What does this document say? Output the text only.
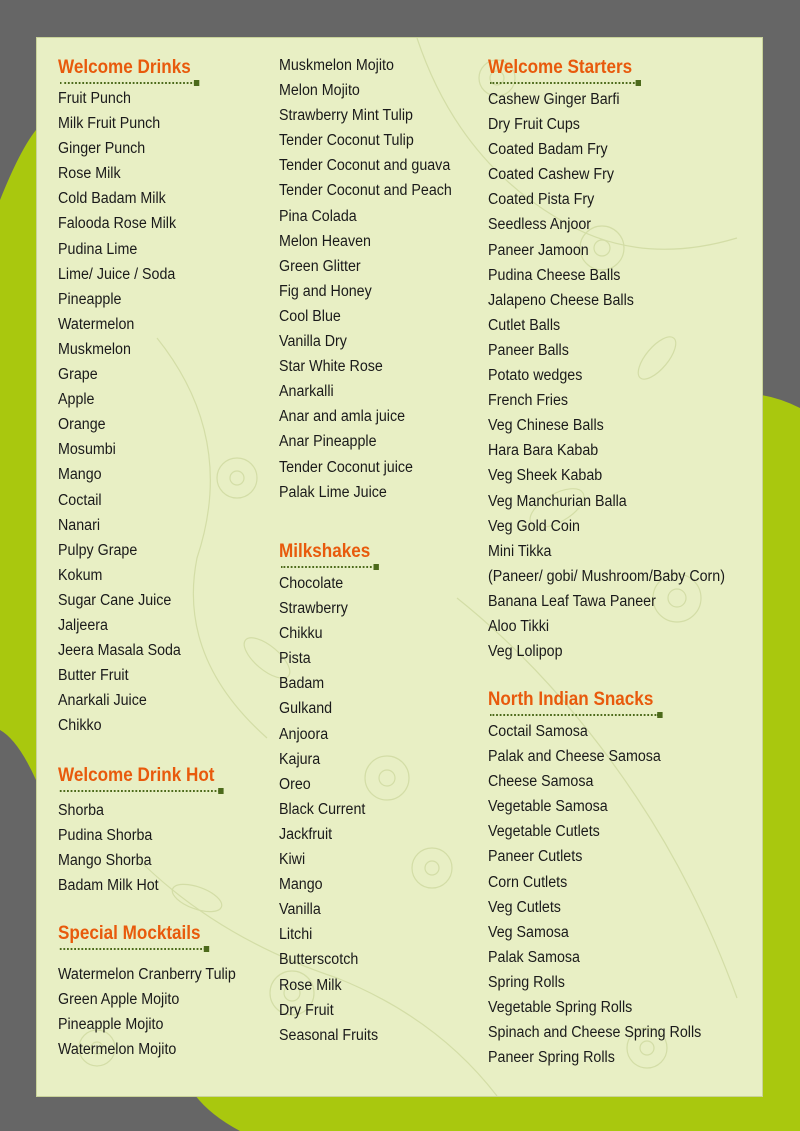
Welcome Drinks
Fruit Punch
Milk Fruit Punch
Ginger Punch
Rose Milk
Cold Badam Milk
Falooda Rose Milk
Pudina Lime
Lime/ Juice / Soda
Pineapple
Watermelon
Muskmelon
Grape
Apple
Orange
Mosumbi
Mango
Coctail
Nanari
Pulpy Grape
Kokum
Sugar Cane Juice
Jaljeera
Jeera Masala Soda
Butter Fruit
Anarkali Juice
Chikko
Welcome Drink Hot
Shorba
Pudina Shorba
Mango Shorba
Badam Milk Hot
Special Mocktails
Watermelon Cranberry Tulip
Green Apple Mojito
Pineapple Mojito
Watermelon Mojito
Muskmelon Mojito
Melon Mojito
Strawberry Mint Tulip
Tender Coconut Tulip
Tender Coconut and guava
Tender Coconut and Peach
Pina Colada
Melon Heaven
Green Glitter
Fig and Honey
Cool Blue
Vanilla Dry
Star White Rose
Anarkalli
Anar and amla juice
Anar Pineapple
Tender Coconut juice
Palak Lime Juice
Milkshakes
Chocolate
Strawberry
Chikku
Pista
Badam
Gulkand
Anjoora
Kajura
Oreo
Black Current
Jackfruit
Kiwi
Mango
Vanilla
Litchi
Butterscotch
Rose Milk
Dry Fruit
Seasonal Fruits
Welcome Starters
Cashew Ginger Barfi
Dry Fruit Cups
Coated Badam Fry
Coated Cashew Fry
Coated Pista Fry
Seedless Anjoor
Paneer Jamoon
Pudina Cheese Balls
Jalapeno Cheese Balls
Cutlet Balls
Paneer Balls
Potato wedges
French Fries
Veg Chinese Balls
Hara Bara Kabab
Veg Sheek Kabab
Veg Manchurian Balla
Veg Gold Coin
Mini Tikka
(Paneer/ gobi/ Mushroom/Baby Corn)
Banana Leaf Tawa Paneer
Aloo Tikki
Veg Lolipop
North Indian Snacks
Coctail Samosa
Palak and Cheese Samosa
Cheese Samosa
Vegetable Samosa
Vegetable Cutlets
Paneer Cutlets
Corn Cutlets
Veg Cutlets
Veg Samosa
Palak Samosa
Spring Rolls
Vegetable Spring Rolls
Spinach and Cheese Spring Rolls
Paneer Spring Rolls
